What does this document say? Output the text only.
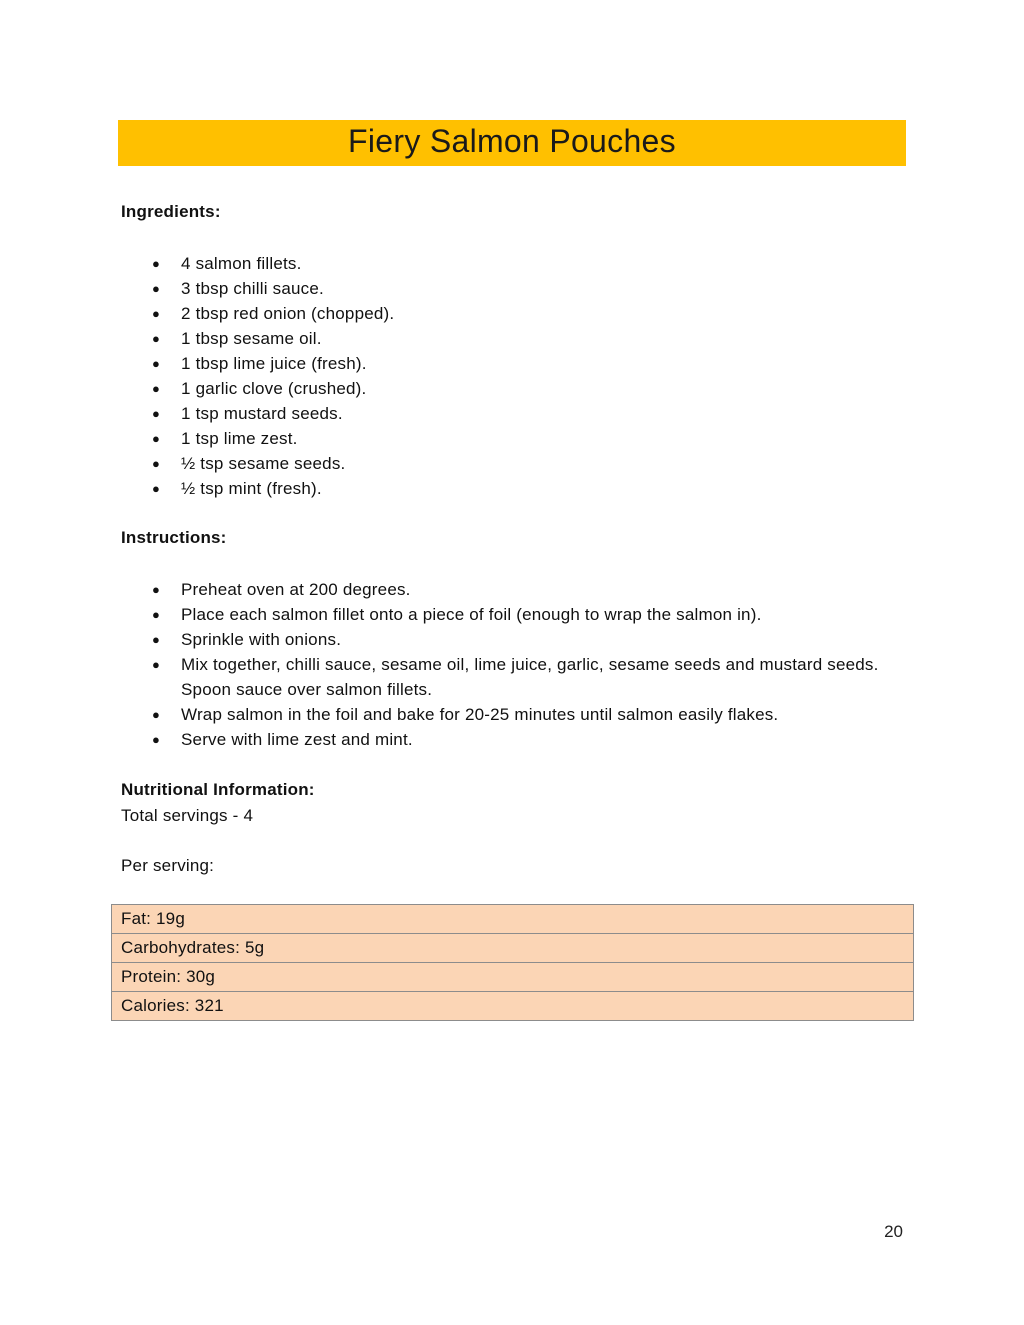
Fiery Salmon Pouches
Ingredients:
● 4 salmon fillets.
● 3 tbsp chilli sauce.
● 2 tbsp red onion (chopped).
● 1 tbsp sesame oil.
● 1 tbsp lime juice (fresh).
● 1 garlic clove (crushed).
● 1 tsp mustard seeds.
● 1 tsp lime zest.
● ½ tsp sesame seeds.
● ½ tsp mint (fresh).
Instructions:
● Preheat oven at 200 degrees.
● Place each salmon fillet onto a piece of foil (enough to wrap the salmon in).
● Sprinkle with onions.
● Mix together, chilli sauce, sesame oil, lime juice, garlic, sesame seeds and mustard seeds. Spoon sauce over salmon fillets.
● Wrap salmon in the foil and bake for 20-25 minutes until salmon easily flakes.
● Serve with lime zest and mint.
Nutritional Information:
Total servings - 4
Per serving:
Fat: 19g
Carbohydrates: 5g
Protein: 30g
Calories: 321
20
